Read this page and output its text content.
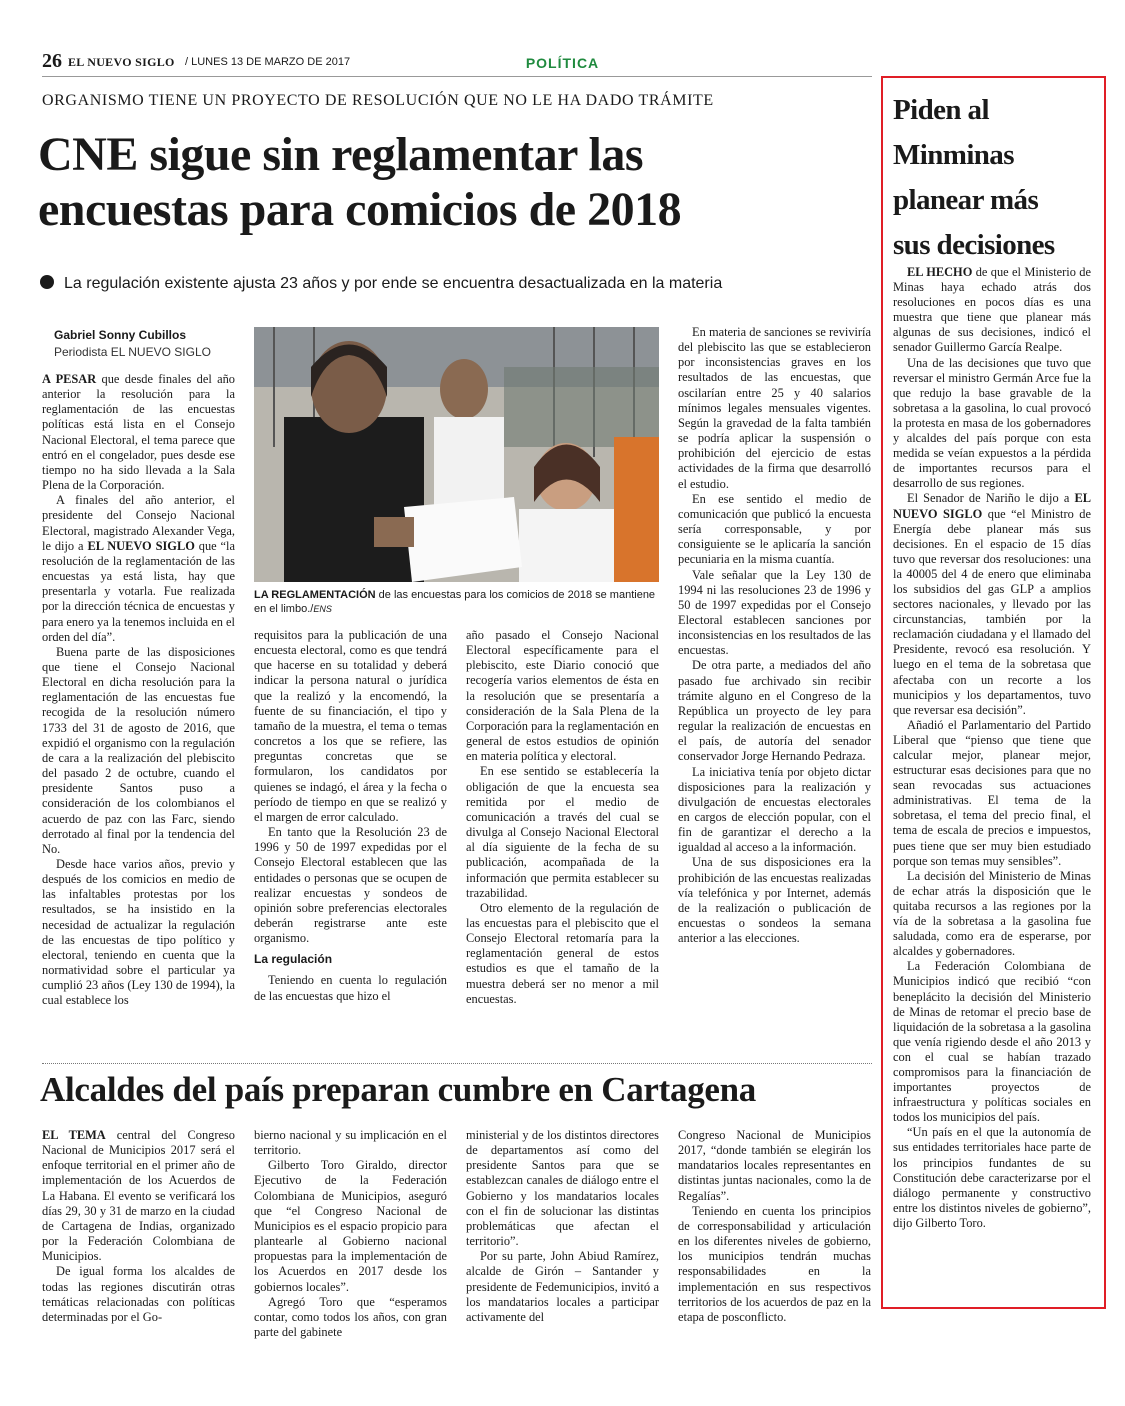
26 EL NUEVO SIGLO / LUNES 13 DE MARZO DE 2017	POLÍTICA
ORGANISMO TIENE UN PROYECTO DE RESOLUCIÓN QUE NO LE HA DADO TRÁMITE
CNE sigue sin reglamentar las
encuestas para comicios de 2018
La regulación existente ajusta 23 años y por ende se encuentra desactualizada en la materia
Gabriel Sonny Cubillos
Periodista EL NUEVO SIGLO

A PESAR que desde finales del año anterior la resolución para la reglamentación de las encuestas políticas está lista en el Consejo Nacional Electoral, el tema parece que entró en el congelador, pues desde ese tiempo no ha sido llevada a la Sala Plena de la Corporación.

A finales del año anterior, el presidente del Consejo Nacional Electoral, magistrado Alexander Vega, le dijo a EL NUEVO SIGLO que “la resolución de la reglamentación de las encuestas ya está lista, hay que presentarla y votarla. Fue realizada por la dirección técnica de encuestas y para enero ya la tenemos incluida en el orden del día”.

Buena parte de las disposiciones que tiene el Consejo Nacional Electoral en dicha resolución para la reglamentación de las encuestas fue recogida de la resolución número 1733 del 31 de agosto de 2016, que expidió el organismo con la regulación de cara a la realización del plebiscito del pasado 2 de octubre, cuando el presidente Santos puso a consideración de los colombianos el acuerdo de paz con las Farc, siendo derrotado al final por la tendencia del No.

Desde hace varios años, previo y después de los comicios en medio de las infaltables protestas por los resultados, se ha insistido en la necesidad de actualizar la regulación de las encuestas de tipo político y electoral, teniendo en cuenta que la normatividad sobre el particular ya cumplió 23 años (Ley 130 de 1994), la cual establece los

LA REGLAMENTACIÓN de las encuestas para los comicios de 2018 se mantiene en el limbo./ENS

requisitos para la publicación de una encuesta electoral, como es que tendrá que hacerse en su totalidad y deberá indicar la persona natural o jurídica que la realizó y la encomendó, la fuente de su financiación, el tipo y tamaño de la muestra, el tema o temas concretos a los que se refiere, las preguntas concretas que se formularon, los candidatos por quienes se indagó, el área y la fecha o período de tiempo en que se realizó y el margen de error calculado.

En tanto que la Resolución 23 de 1996 y 50 de 1997 expedidas por el Consejo Electoral establecen que las entidades o personas que se ocupen de realizar encuestas y sondeos de opinión sobre preferencias electorales deberán registrarse ante este organismo.

La regulación

Teniendo en cuenta lo regulación de las encuestas que hizo el

año pasado el Consejo Nacional Electoral específicamente para el plebiscito, este Diario conoció que recogería varios elementos de ésta en la resolución que se presentaría a consideración de la Sala Plena de la Corporación para la reglamentación en general de estos estudios de opinión en materia política y electoral.

En ese sentido se establecería la obligación de que la encuesta sea remitida por el medio de comunicación a través del cual se divulga al Consejo Nacional Electoral al día siguiente de la fecha de su publicación, acompañada de la información que permita establecer su trazabilidad.

Otro elemento de la regulación de las encuestas para el plebiscito que el Consejo Electoral retomaría para la reglamentación general de estos estudios es que el tamaño de la muestra deberá ser no menor a mil encuestas.

En materia de sanciones se reviviría del plebiscito las que se establecieron por inconsistencias graves en los resultados de las encuestas, que oscilarían entre 25 y 40 salarios mínimos legales mensuales vigentes. Según la gravedad de la falta también se podría aplicar la suspensión o prohibición del ejercicio de estas actividades de la firma que desarrolló el estudio.

En ese sentido el medio de comunicación que publicó la encuesta sería corresponsable, y por consiguiente se le aplicaría la sanción pecuniaria en la misma cuantía.

Vale señalar que la Ley 130 de 1994 ni las resoluciones 23 de 1996 y 50 de 1997 expedidas por el Consejo Electoral establecen sanciones por inconsistencias en los resultados de las encuestas.

De otra parte, a mediados del año pasado fue archivado sin recibir trámite alguno en el Congreso de la República un proyecto de ley para regular la realización de encuestas en el país, de autoría del senador conservador Jorge Hernando Pedraza.

La iniciativa tenía por objeto dictar disposiciones para la realización y divulgación de encuestas electorales en cargos de elección popular, con el fin de garantizar el derecho a la igualdad al acceso a la información.

Una de sus disposiciones era la prohibición de las encuestas realizadas vía telefónica y por Internet, además de la realización o publicación de encuestas o sondeos la semana anterior a las elecciones.

Alcaldes del país preparan cumbre en Cartagena

EL TEMA central del Congreso Nacional de Municipios 2017 será el enfoque territorial en el primer año de implementación de los Acuerdos de La Habana. El evento se verificará los días 29, 30 y 31 de marzo en la ciudad de Cartagena de Indias, organizado por la Federación Colombiana de Municipios.

De igual forma los alcaldes de todas las regiones discutirán otras temáticas relacionadas con políticas determinadas por el Go-

bierno nacional y su implicación en el territorio.

Gilberto Toro Giraldo, director Ejecutivo de la Federación Colombiana de Municipios, aseguró que “el Congreso Nacional de Municipios es el espacio propicio para plantearle al Gobierno nacional propuestas para la implementación de los Acuerdos en 2017 desde los gobiernos locales”.

Agregó Toro que “esperamos contar, como todos los años, con gran parte del gabinete

ministerial y de los distintos directores de departamentos así como del presidente Santos para que se establezcan canales de diálogo entre el Gobierno y los mandatarios locales con el fin de solucionar las distintas problemáticas que afectan el territorio”.

Por su parte, John Abiud Ramírez, alcalde de Girón – Santander y presidente de Fedemunicipios, invitó a los mandatarios locales a participar activamente del

Congreso Nacional de Municipios 2017, “donde también se elegirán los mandatarios locales representantes en distintas juntas nacionales, como la de Regalías”.

Teniendo en cuenta los principios de corresponsabilidad y articulación en los diferentes niveles de gobierno, los municipios tendrán muchas responsabilidades en la implementación en sus respectivos territorios de los acuerdos de paz en la etapa de posconflicto.

Piden al
Minminas
planear más
sus decisiones

EL HECHO de que el Ministerio de Minas haya echado atrás dos resoluciones en pocos días es una muestra que tiene que planear más algunas de sus decisiones, indicó el senador Guillermo García Realpe.

Una de las decisiones que tuvo que reversar el ministro Germán Arce fue la que redujo la base gravable de la sobretasa a la gasolina, lo cual provocó la protesta en masa de los gobernadores y alcaldes del país porque con esta medida se veían expuestos a la pérdida de importantes recursos para el desarrollo de sus regiones.

El Senador de Nariño le dijo a EL NUEVO SIGLO que “el Ministro de Energía debe planear más sus decisiones. En el espacio de 15 días tuvo que reversar dos resoluciones: una la 40005 del 4 de enero que eliminaba los subsidios del gas GLP a amplios sectores nacionales, y llevado por las circunstancias, también por la reclamación ciudadana y el llamado del Presidente, revocó esa resolución. Y luego en el tema de la sobretasa que afectaba con un recorte a los municipios y los departamentos, tuvo que reversar esa decisión”.

Añadió el Parlamentario del Partido Liberal que “pienso que tiene que calcular mejor, planear mejor, estructurar esas decisiones para que no sean revocadas sus actuaciones administrativas. El tema de la sobretasa, el tema del precio final, el tema de escala de precios e impuestos, pues tiene que ser muy bien estudiado porque son temas muy sensibles”.

La decisión del Ministerio de Minas de echar atrás la disposición que le quitaba recursos a las regiones por la vía de la sobretasa a la gasolina fue saludada, como era de esperarse, por alcaldes y gobernadores.

La Federación Colombiana de Municipios indicó que recibió “con beneplácito la decisión del Ministerio de Minas de retomar el precio base de liquidación de la sobretasa a la gasolina que venía rigiendo desde el año 2013 y con el cual se habían trazado compromisos para la financiación de importantes proyectos de infraestructura y políticas sociales en todos los municipios del país.

“Un país en el que la autonomía de sus entidades territoriales hace parte de los principios fundantes de su Constitución debe caracterizarse por el diálogo permanente y constructivo entre los distintos niveles de gobierno”, dijo Gilberto Toro.
